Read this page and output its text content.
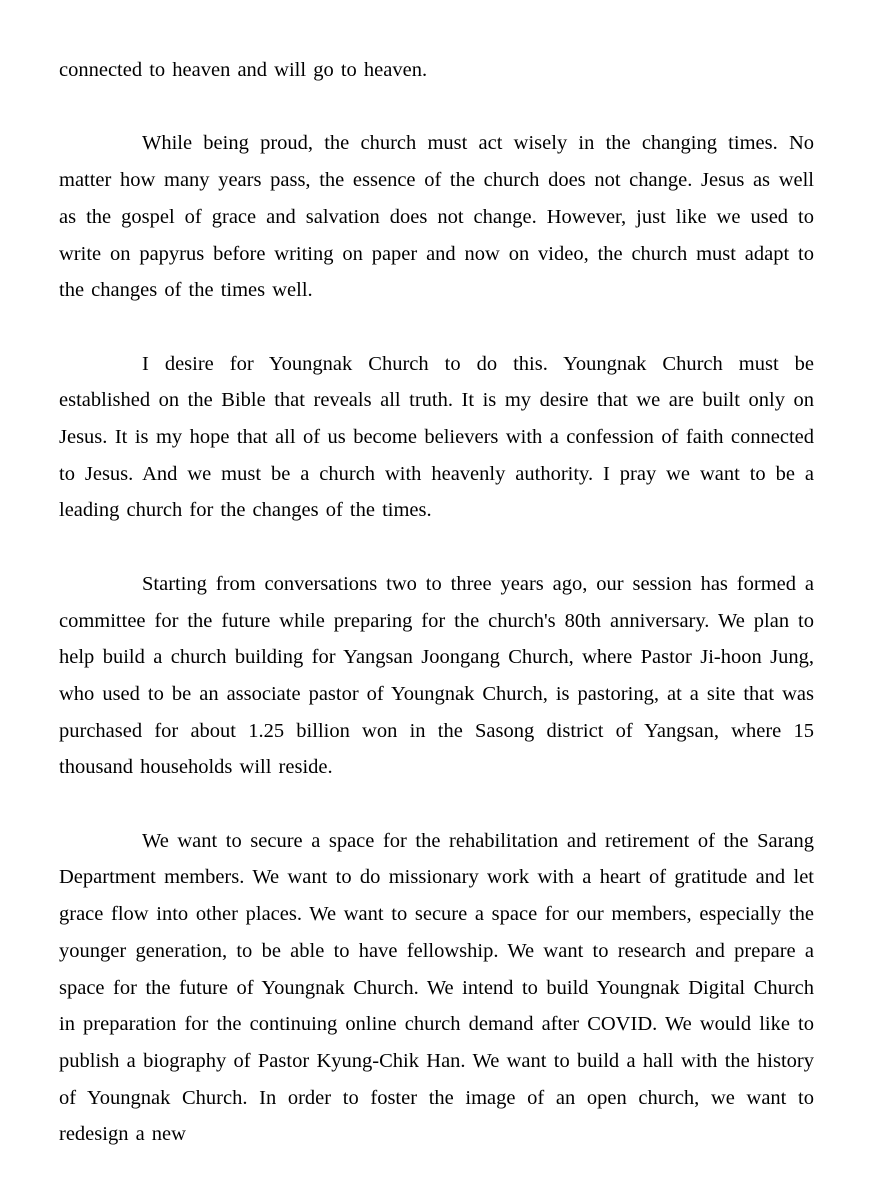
connected to heaven and will go to heaven.

While being proud, the church must act wisely in the changing times. No matter how many years pass, the essence of the church does not change. Jesus as well as the gospel of grace and salvation does not change. However, just like we used to write on papyrus before writing on paper and now on video, the church must adapt to the changes of the times well.

I desire for Youngnak Church to do this. Youngnak Church must be established on the Bible that reveals all truth. It is my desire that we are built only on Jesus. It is my hope that all of us become believers with a confession of faith connected to Jesus. And we must be a church with heavenly authority. I pray we want to be a leading church for the changes of the times.

Starting from conversations two to three years ago, our session has formed a committee for the future while preparing for the church's 80th anniversary. We plan to help build a church building for Yangsan Joongang Church, where Pastor Ji-hoon Jung, who used to be an associate pastor of Youngnak Church, is pastoring, at a site that was purchased for about 1.25 billion won in the Sasong district of Yangsan, where 15 thousand households will reside.

We want to secure a space for the rehabilitation and retirement of the Sarang Department members. We want to do missionary work with a heart of gratitude and let grace flow into other places. We want to secure a space for our members, especially the younger generation, to be able to have fellowship. We want to research and prepare a space for the future of Youngnak Church. We intend to build Youngnak Digital Church in preparation for the continuing online church demand after COVID. We would like to publish a biography of Pastor Kyung-Chik Han. We want to build a hall with the history of Youngnak Church. In order to foster the image of an open church, we want to redesign a new
